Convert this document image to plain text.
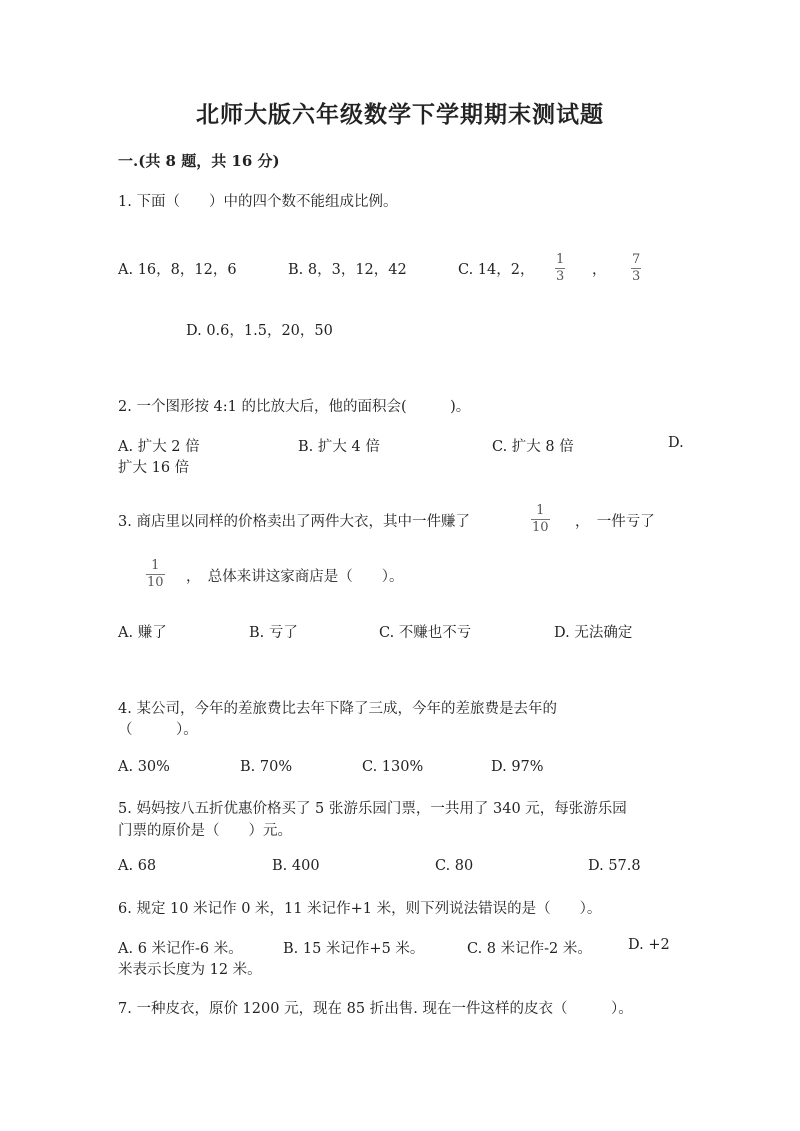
北师大版六年级数学下学期期末测试题
一.(共 8 题，共 16 分)
1. 下面（　　）中的四个数不能组成比例。
A. 16，8，12，6	B. 8，3，12，42	C. 14，2，
1
3 ，
7
3
D. 0.6，1.5，20，50
2. 一个图形按 4:1 的比放大后，他的面积会(　　　)。
A. 扩大 2 倍	B. 扩大 4 倍	C. 扩大 8 倍	D.
扩大 16 倍
3. 商店里以同样的价格卖出了两件大衣，其中一件赚了
1
10 ，　一件亏了
1
10 ，　总体来讲这家商店是（　　）。
A. 赚了	B. 亏了	C. 不赚也不亏	D. 无法确定
4. 某公司，今年的差旅费比去年下降了三成，今年的差旅费是去年的
（　　　）。
A. 30%	B. 70%	C. 130%	D. 97%
5. 妈妈按八五折优惠价格买了 5 张游乐园门票，一共用了 340 元，每张游乐园
门票的原价是（　　）元。
A. 68	B. 400	C. 80	D. 57.8
6. 规定 10 米记作 0 米，11 米记作+1 米，则下列说法错误的是（　　）。
A. 6 米记作-6 米。	B. 15 米记作+5 米。	C. 8 米记作-2 米。 D. +2
米表示长度为 12 米。
7. 一种皮衣，原价 1200 元，现在 85 折出售. 现在一件这样的皮衣（　　　）。
